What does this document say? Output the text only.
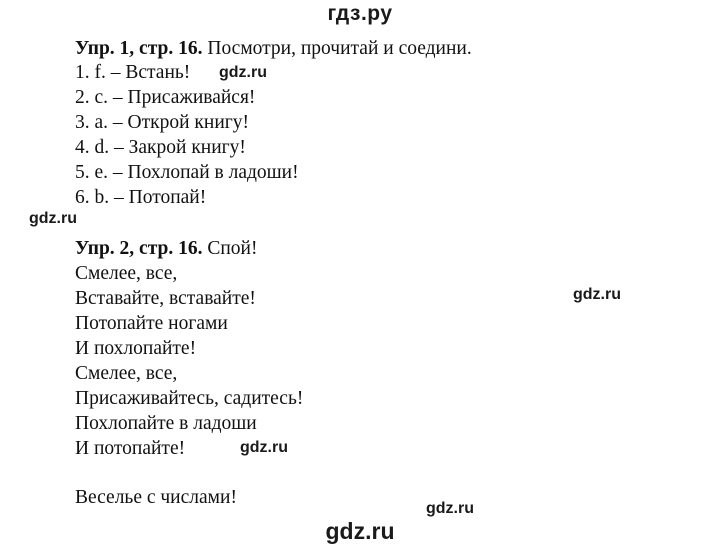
гдз.ру
Упр. 1, стр. 16. Посмотри, прочитай и соедини.
1. f. – Встань!
2. c. – Присаживайся!
3. a. – Открой книгу!
4. d. – Закрой книгу!
5. e. – Похлопай в ладоши!
6. b. – Потопай!
Упр. 2, стр. 16. Спой!
Смелее, все,
Вставайте, вставайте!
Потопайте ногами
И похлопайте!
Смелее, все,
Присаживайтесь, садитесь!
Похлопайте в ладоши
И потопайте!
Веселье с числами!
gdz.ru
gdz.ru
gdz.ru
gdz.ru
gdz.ru
gdz.ru
